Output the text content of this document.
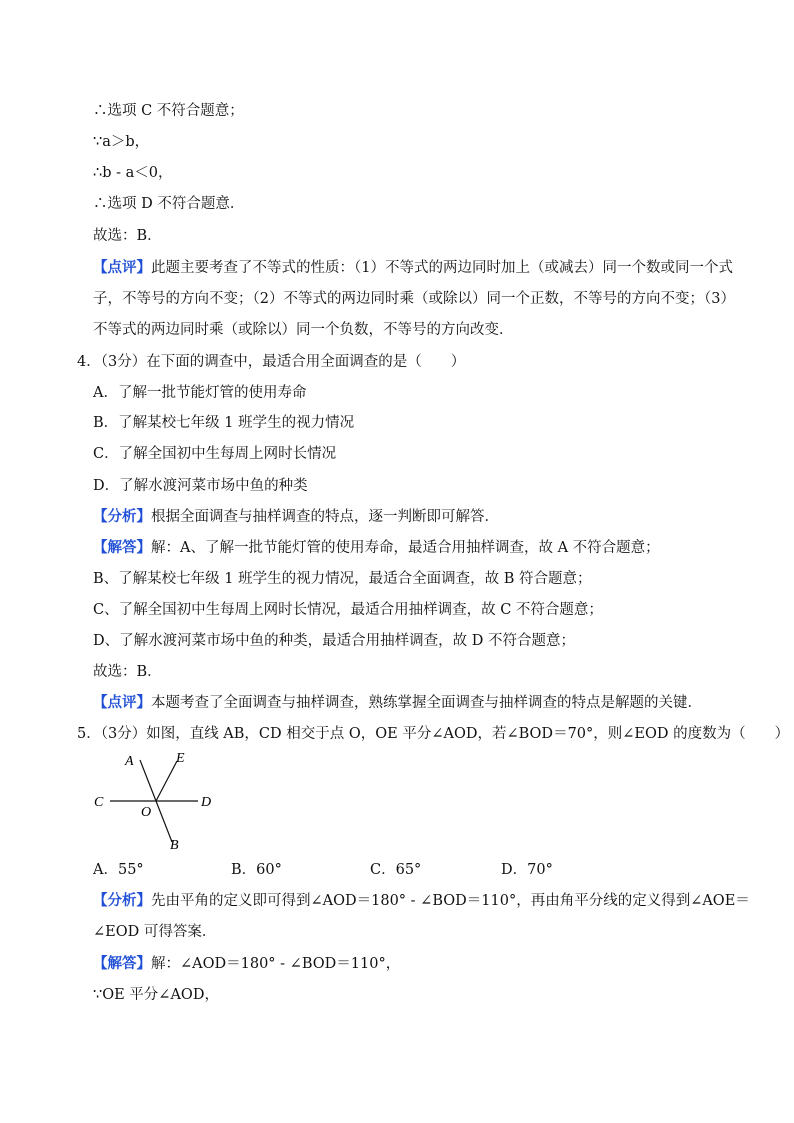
∴选项 C 不符合题意；
∵a＞b，
∴b - a＜0，
∴选项 D 不符合题意．
故选：B．
【点评】此题主要考查了不等式的性质：（1）不等式的两边同时加上（或减去）同一个数或同一个式
子，不等号的方向不变；（2）不等式的两边同时乘（或除以）同一个正数，不等号的方向不变；（3）
不等式的两边同时乘（或除以）同一个负数，不等号的方向改变．
4．（3分）在下面的调查中，最适合用全面调查的是（　　）
A．了解一批节能灯管的使用寿命
B．了解某校七年级 1 班学生的视力情况
C．了解全国初中生每周上网时长情况
D．了解水渡河菜市场中鱼的种类
【分析】根据全面调查与抽样调查的特点，逐一判断即可解答．
【解答】解：A、了解一批节能灯管的使用寿命，最适合用抽样调查，故 A 不符合题意；
B、了解某校七年级 1 班学生的视力情况，最适合全面调查，故 B 符合题意；
C、了解全国初中生每周上网时长情况，最适合用抽样调查，故 C 不符合题意；
D、了解水渡河菜市场中鱼的种类，最适合用抽样调查，故 D 不符合题意；
故选：B．
【点评】本题考查了全面调查与抽样调查，熟练掌握全面调查与抽样调查的特点是解题的关键．
5．（3分）如图，直线 AB，CD 相交于点 O，OE 平分∠AOD，若∠BOD＝70°，则∠EOD 的度数为（　　）
A	E
C
O
D
B
A．55°	B．60°	C．65°	D．70°
【分析】先由平角的定义即可得到∠AOD＝180° - ∠BOD＝110°，再由角平分线的定义得到∠AOE＝
∠EOD 可得答案．
【解答】解：∠AOD＝180° - ∠BOD＝110°，
∵OE 平分∠AOD，
